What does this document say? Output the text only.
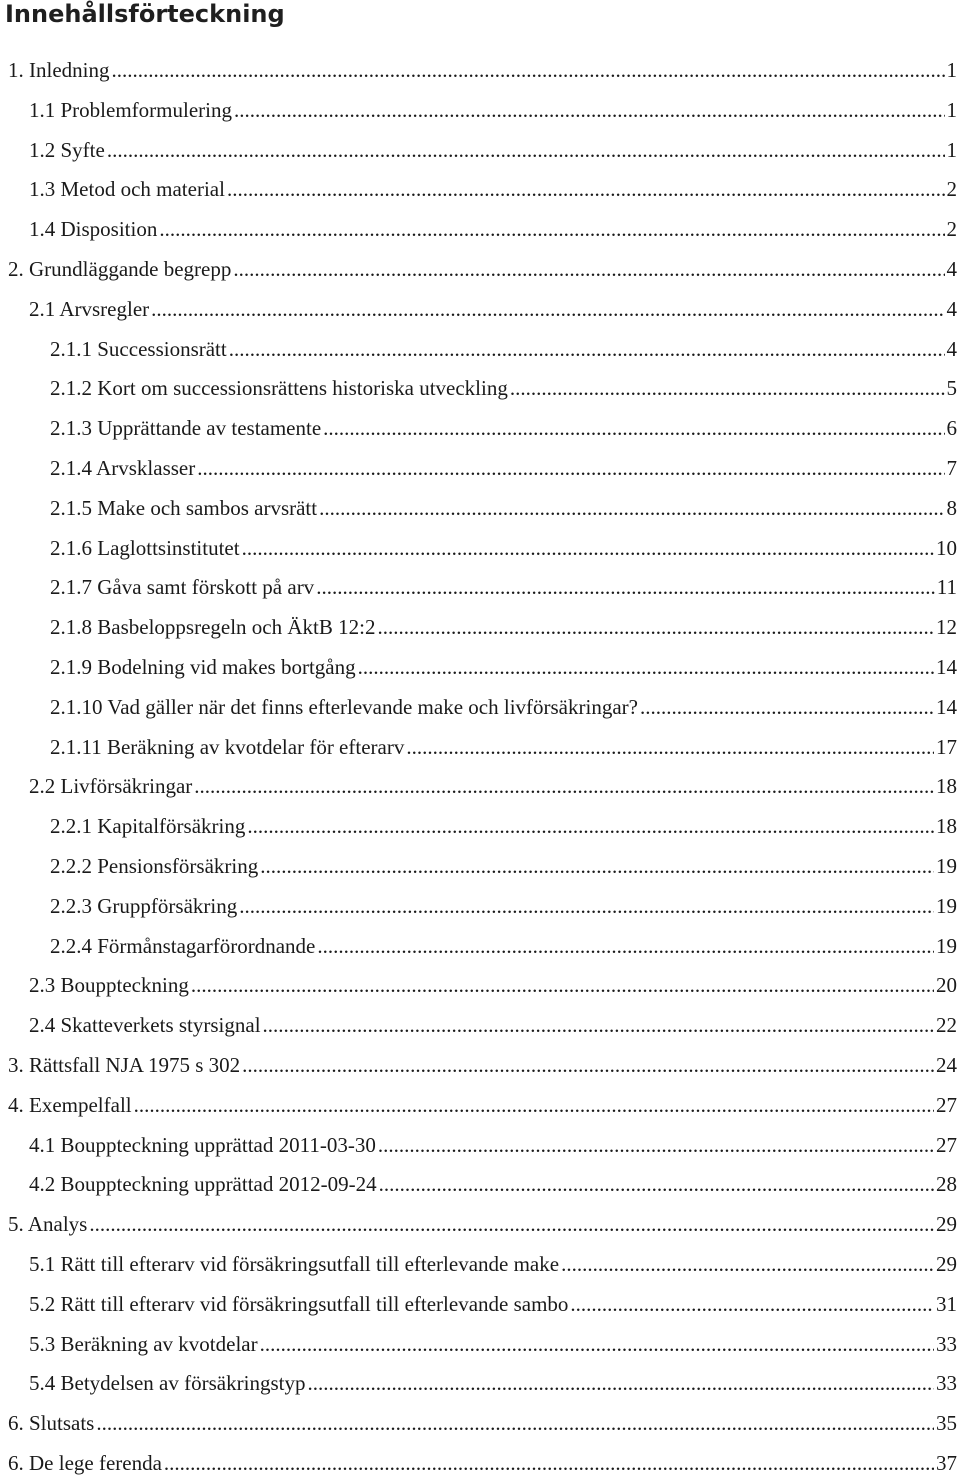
Innehållsförteckning
1. Inledning .....	1
1.1 Problemformulering .....	1
1.2 Syfte .....	1
1.3 Metod och material .....	2
1.4 Disposition .....	2
2. Grundläggande begrepp .....	4
2.1 Arvsregler .....	4
2.1.1 Successionsrätt .....	4
2.1.2 Kort om successionsrättens historiska utveckling .....	5
2.1.3 Upprättande av testamente .....	6
2.1.4 Arvsklasser .....	7
2.1.5 Make och sambos arvsrätt .....	8
2.1.6 Laglottsinstitutet .....	10
2.1.7 Gåva samt förskott på arv .....	11
2.1.8 Basbeloppsregeln och ÄktB 12:2 .....	12
2.1.9 Bodelning vid makes bortgång .....	14
2.1.10 Vad gäller när det finns efterlevande make och livförsäkringar? .....	14
2.1.11 Beräkning av kvotdelar för efterarv .....	17
2.2 Livförsäkringar .....	18
2.2.1 Kapitalförsäkring .....	18
2.2.2 Pensionsförsäkring .....	19
2.2.3 Gruppförsäkring .....	19
2.2.4 Förmånstagarförordnande .....	19
2.3 Bouppteckning .....	20
2.4 Skatteverkets styrsignal .....	22
3. Rättsfall NJA 1975 s 302 .....	24
4. Exempelfall .....	27
4.1 Bouppteckning upprättad 2011-03-30 .....	27
4.2 Bouppteckning upprättad 2012-09-24 .....	28
5. Analys .....	29
5.1 Rätt till efterarv vid försäkringsutfall till efterlevande make .....	29
5.2 Rätt till efterarv vid försäkringsutfall till efterlevande sambo .....	31
5.3 Beräkning av kvotdelar .....	33
5.4 Betydelsen av försäkringstyp .....	33
6. Slutsats .....	35
6. De lege ferenda .....	37
